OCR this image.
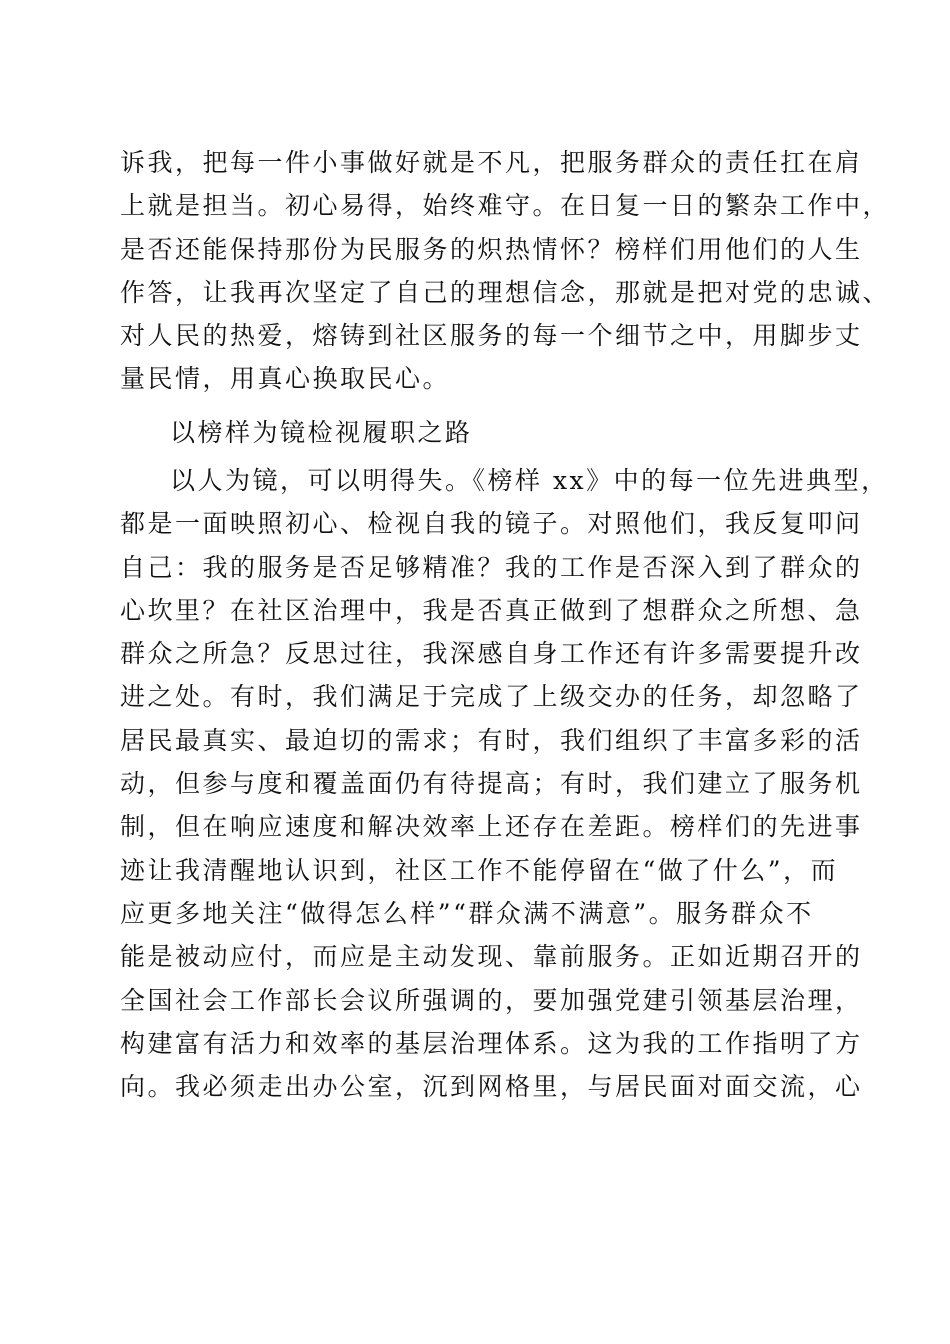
诉我，把每一件小事做好就是不凡，把服务群众的责任扛在肩

上就是担当。初心易得，始终难守。在日复一日的繁杂工作中，

是否还能保持那份为民服务的炽热情怀？榜样们用他们的人生

作答，让我再次坚定了自己的理想信念，那就是把对党的忠诚、

对人民的热爱，熔铸到社区服务的每一个细节之中，用脚步丈

量民情，用真心换取民心。

以榜样为镜检视履职之路

以人为镜，可以明得失。《榜样 xx》中的每一位先进典型，

都是一面映照初心、检视自我的镜子。对照他们，我反复叩问

自己：我的服务是否足够精准？我的工作是否深入到了群众的

心坎里？在社区治理中，我是否真正做到了想群众之所想、急

群众之所急？反思过往，我深感自身工作还有许多需要提升改

进之处。有时，我们满足于完成了上级交办的任务，却忽略了

居民最真实、最迫切的需求；有时，我们组织了丰富多彩的活

动，但参与度和覆盖面仍有待提高；有时，我们建立了服务机

制，但在响应速度和解决效率上还存在差距。榜样们的先进事

迹让我清醒地认识到，社区工作不能停留在“做了什么”，而

应更多地关注“做得怎么样”“群众满不满意”。服务群众不

能是被动应付，而应是主动发现、靠前服务。正如近期召开的

全国社会工作部长会议所强调的，要加强党建引领基层治理，

构建富有活力和效率的基层治理体系。这为我的工作指明了方

向。我必须走出办公室，沉到网格里，与居民面对面交流，心
